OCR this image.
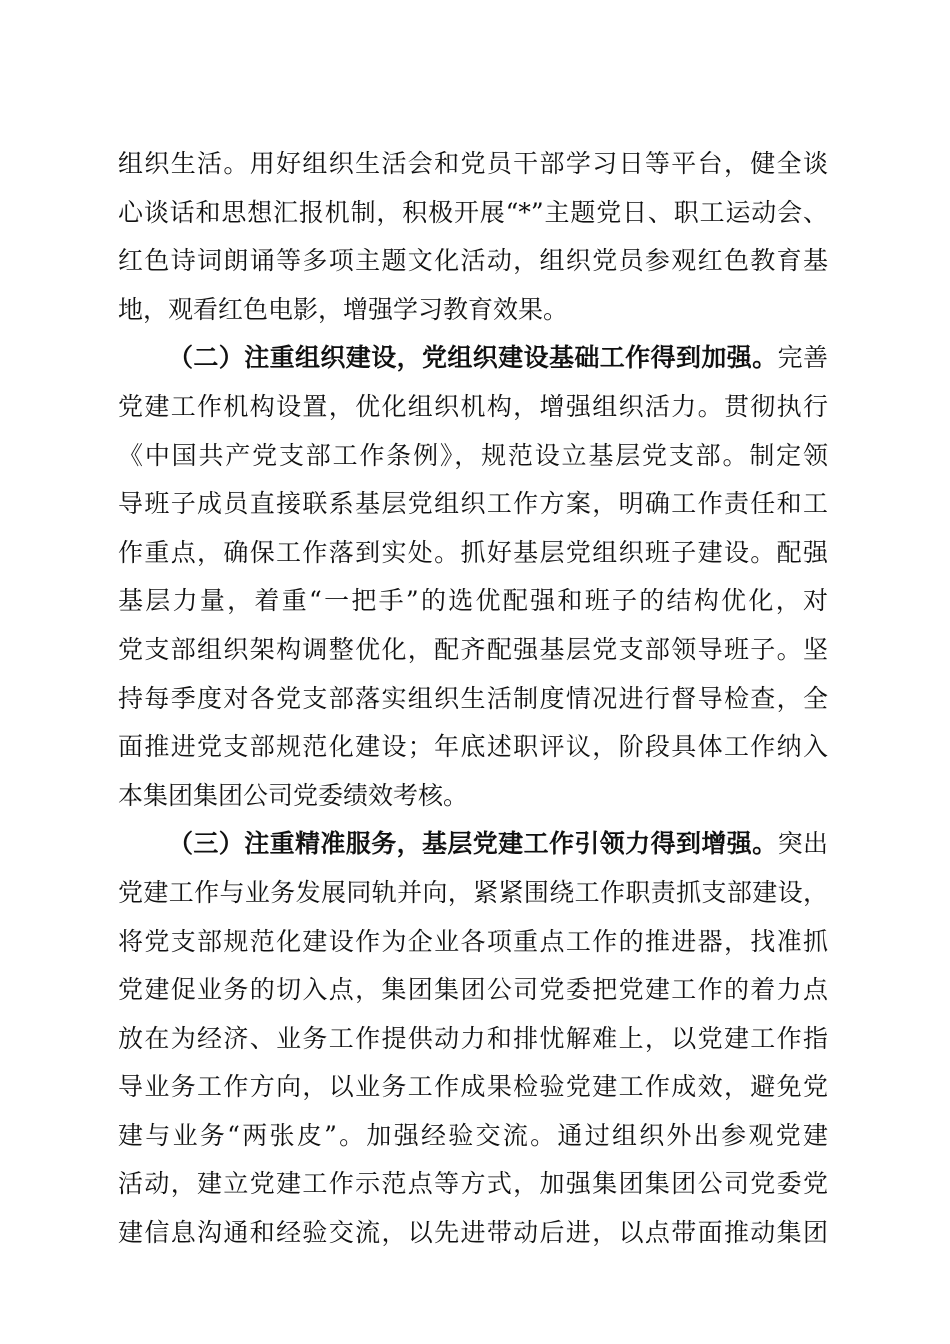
组织生活。用好组织生活会和党员干部学习日等平台，健全谈
心谈话和思想汇报机制，积极开展“*”主题党日、职工运动会、
红色诗词朗诵等多项主题文化活动，组织党员参观红色教育基
地，观看红色电影，增强学习教育效果。
（二）注重组织建设，党组织建设基础工作得到加强。完善
党建工作机构设置，优化组织机构，增强组织活力。贯彻执行
《中国共产党支部工作条例》，规范设立基层党支部。制定领
导班子成员直接联系基层党组织工作方案，明确工作责任和工
作重点，确保工作落到实处。抓好基层党组织班子建设。配强
基层力量，着重“一把手”的选优配强和班子的结构优化，对
党支部组织架构调整优化，配齐配强基层党支部领导班子。坚
持每季度对各党支部落实组织生活制度情况进行督导检查，全
面推进党支部规范化建设；年底述职评议，阶段具体工作纳入
本集团集团公司党委绩效考核。
（三）注重精准服务，基层党建工作引领力得到增强。突出
党建工作与业务发展同轨并向，紧紧围绕工作职责抓支部建设，
将党支部规范化建设作为企业各项重点工作的推进器，找准抓
党建促业务的切入点，集团集团公司党委把党建工作的着力点
放在为经济、业务工作提供动力和排忧解难上，以党建工作指
导业务工作方向，以业务工作成果检验党建工作成效，避免党
建与业务“两张皮”。加强经验交流。通过组织外出参观党建
活动，建立党建工作示范点等方式，加强集团集团公司党委党
建信息沟通和经验交流，以先进带动后进，以点带面推动集团
